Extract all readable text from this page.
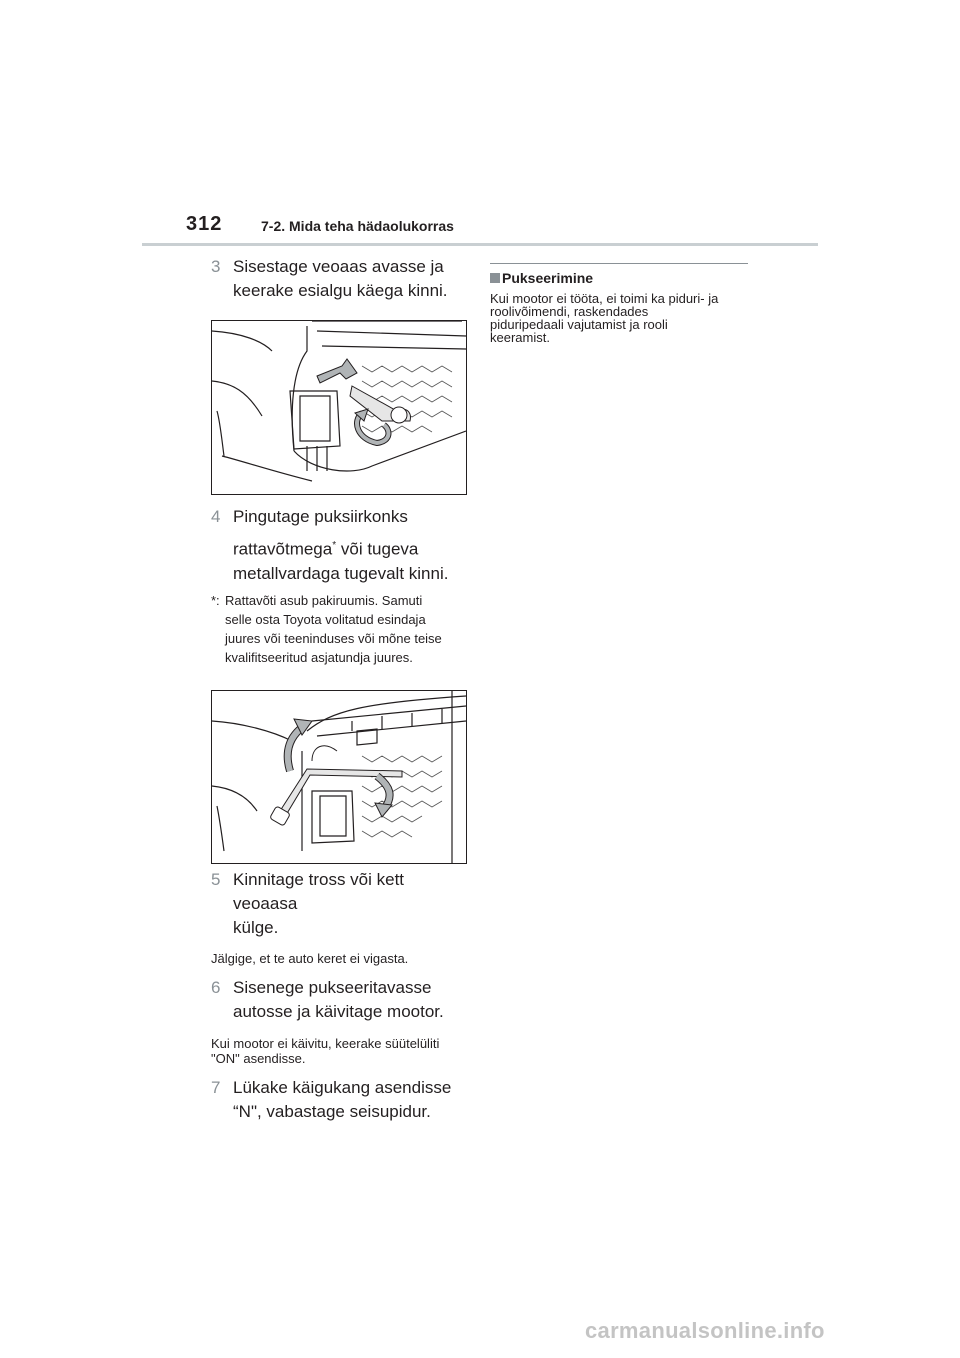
312	7-2. Mida teha hädaolukorras
3 Sisestage veoaas avasse ja
keerake esialgu käega kinni.
4 Pingutage puksiirkonks
rattavõtmega* või tugeva
metallvardaga tugevalt kinni.
*: Rattavõti asub pakiruumis. Samuti
selle osta Toyota volitatud esindaja
juures või teeninduses või mõne teise
kvalifitseeritud asjatundja juures.
5 Kinnitage tross või kett veoaasa
külge.

Jälgige, et te auto keret ei vigasta.

6 Sisenege pukseeritavasse
autosse ja käivitage mootor.
Kui mootor ei käivitu, keerake süütelüliti
"ON" asendisse.
7 Lükake käigukang asendisse
“N", vabastage seisupidur.
Pukseerimine
Kui mootor ei tööta, ei toimi ka piduri- ja
roolivõimendi, raskendades
piduripedaali vajutamist ja rooli
keeramist.
carmanualsonline.info
